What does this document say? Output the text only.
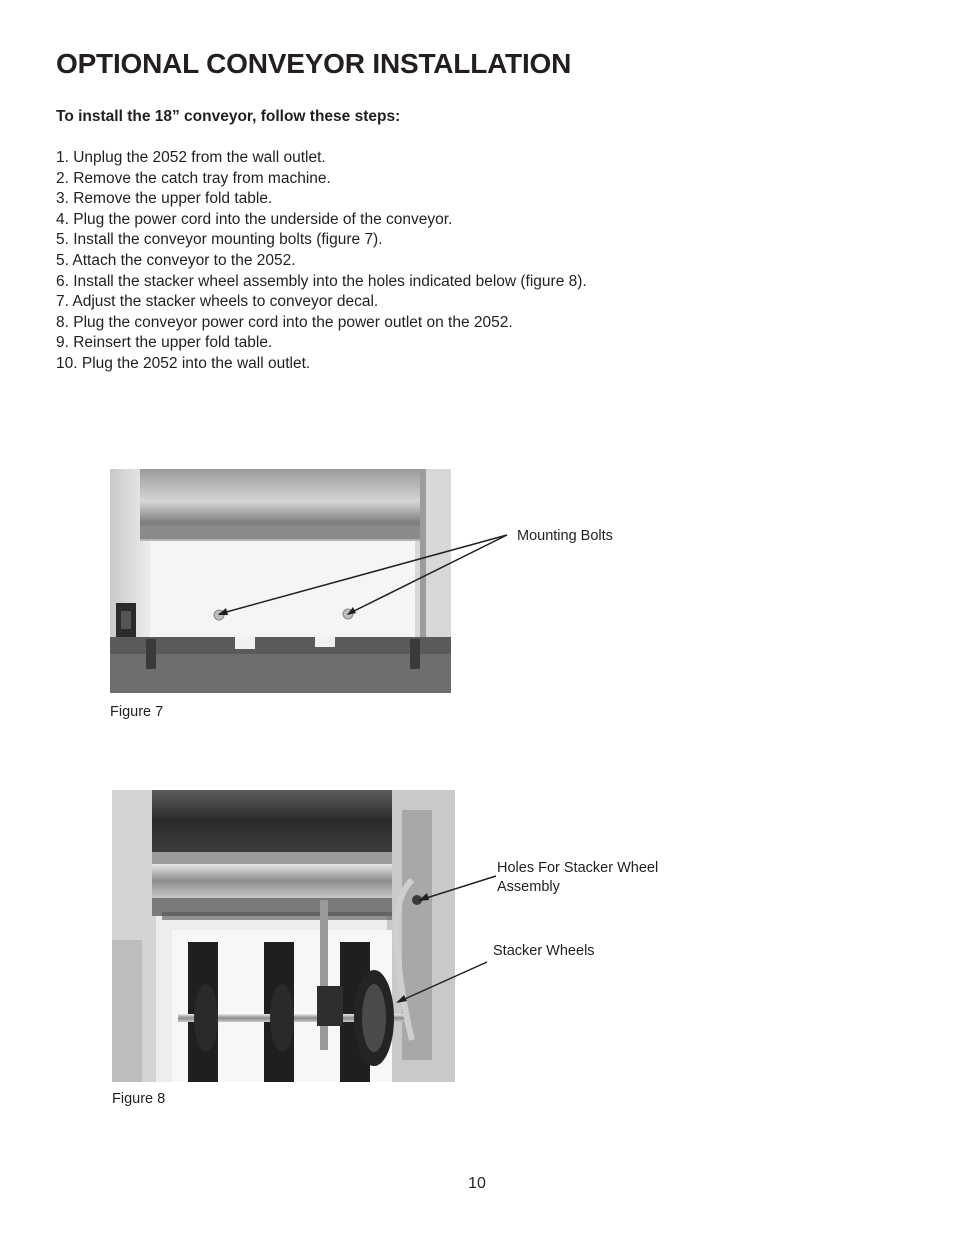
OPTIONAL CONVEYOR INSTALLATION

To install the 18” conveyor, follow these steps:

1. Unplug the 2052 from the wall outlet.
2. Remove the catch tray from machine.
3. Remove the upper fold table.
4. Plug the power cord into the underside of the conveyor.
5. Install the conveyor mounting bolts (figure 7).
5. Attach the conveyor to the 2052.
6. Install the stacker wheel assembly into the holes indicated below (figure 8).
7. Adjust the stacker wheels to conveyor decal.
8. Plug the conveyor power cord into the power outlet on the 2052.
9. Reinsert the upper fold table.
10. Plug the 2052 into the wall outlet.

Mounting Bolts

Figure 7

Holes For Stacker Wheel
Assembly

Stacker Wheels

Figure 8

10
